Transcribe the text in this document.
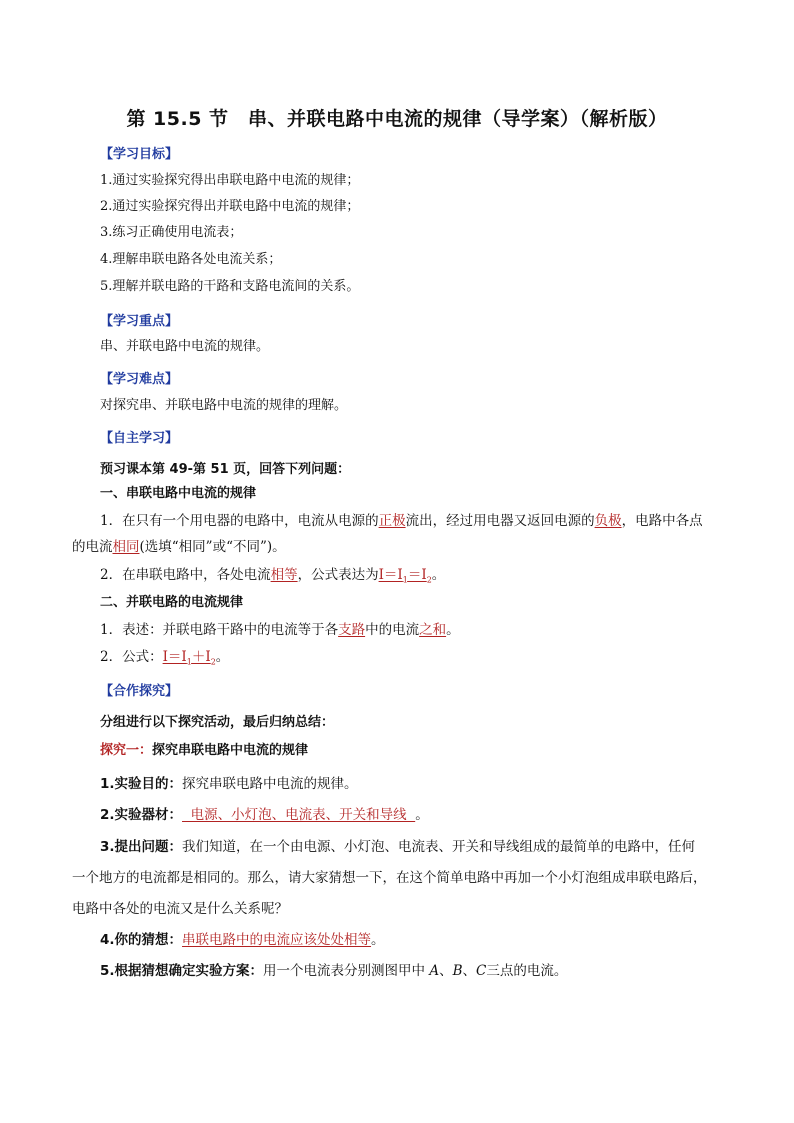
第 15.5 节　串、并联电路中电流的规律（导学案）（解析版）
【学习目标】
1.通过实验探究得出串联电路中电流的规律；
2.通过实验探究得出并联电路中电流的规律；
3.练习正确使用电流表；
4.理解串联电路各处电流关系；
5.理解并联电路的干路和支路电流间的关系。
【学习重点】
串、并联电路中电流的规律。
【学习难点】
对探究串、并联电路中电流的规律的理解。
【自主学习】
预习课本第 49-第 51 页，回答下列问题：
一、串联电路中电流的规律
1．在只有一个用电器的电路中，电流从电源的正极流出，经过用电器又返回电源的负极，电路中各点
的电流相同(选填“相同”或“不同”)。
2．在串联电路中，各处电流相等，公式表达为$I=I_1=I_2$。
二、并联电路的电流规律
1．表述：并联电路干路中的电流等于各支路中的电流之和。
2．公式：$I=I_1+I_2$。
【合作探究】
分组进行以下探究活动，最后归纳总结：
探究一：探究串联电路中电流的规律
1.实验目的：探究串联电路中电流的规律。
2.实验器材：  电源、小灯泡、电流表、开关和导线  。
3.提出问题：我们知道，在一个由电源、小灯泡、电流表、开关和导线组成的最简单的电路中，任何
一个地方的电流都是相同的。那么，请大家猜想一下，在这个简单电路中再加一个小灯泡组成串联电路后，
电路中各处的电流又是什么关系呢？
4.你的猜想：串联电路中的电流应该处处相等。
5.根据猜想确定实验方案：用一个电流表分别测图甲中 A、B、C三点的电流。
